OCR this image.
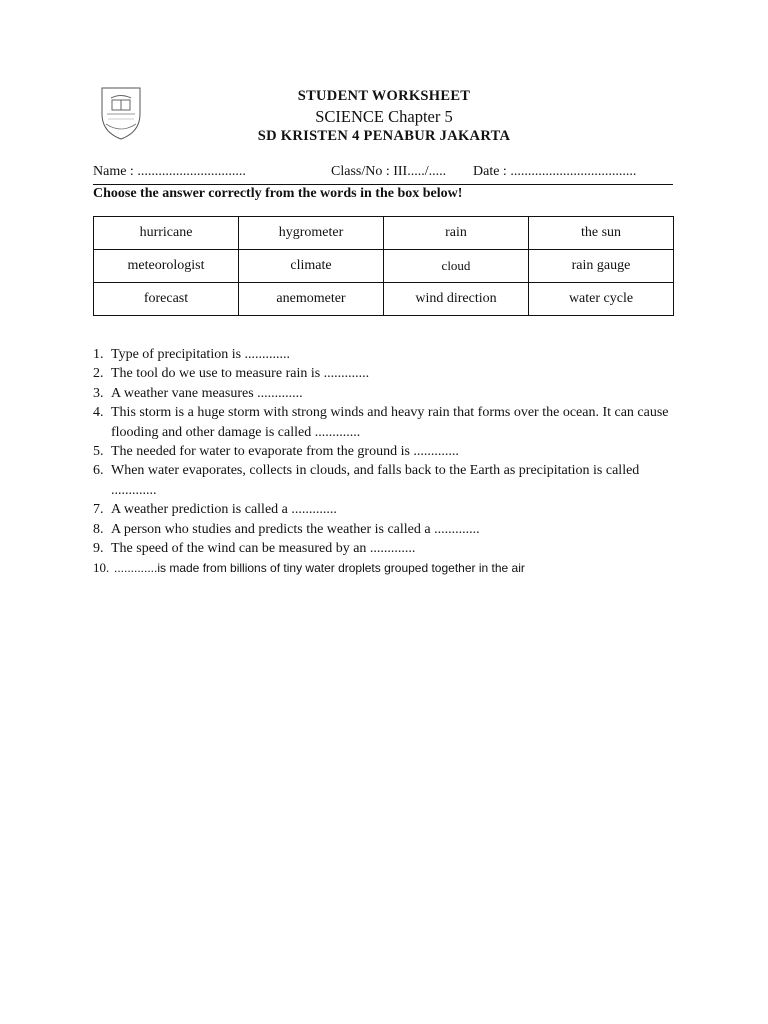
STUDENT WORKSHEET
SCIENCE Chapter 5
SD KRISTEN 4 PENABUR JAKARTA
Name : ...............................	Class/No : III...../..... Date : ....................................
Choose the answer correctly from the words in the box below!
hurricane	hygrometer	rain	the sun
meteorologist	climate	cloud	rain gauge
forecast	anemometer	wind direction	water cycle
1. Type of precipitation is .............
2. The tool do we use to measure rain is .............
3. A weather vane measures .............
4. This storm is a huge storm with strong winds and heavy rain that forms over the ocean. It can cause flooding and other damage is called .............
5. The needed for water to evaporate from the ground is .............
6. When water evaporates, collects in clouds, and falls back to the Earth as precipitation is called .............
7. A weather prediction is called a .............
8. A person who studies and predicts the weather is called a .............
9. The speed of the wind can be measured by an .............
10. .............is made from billions of tiny water droplets grouped together in the air
